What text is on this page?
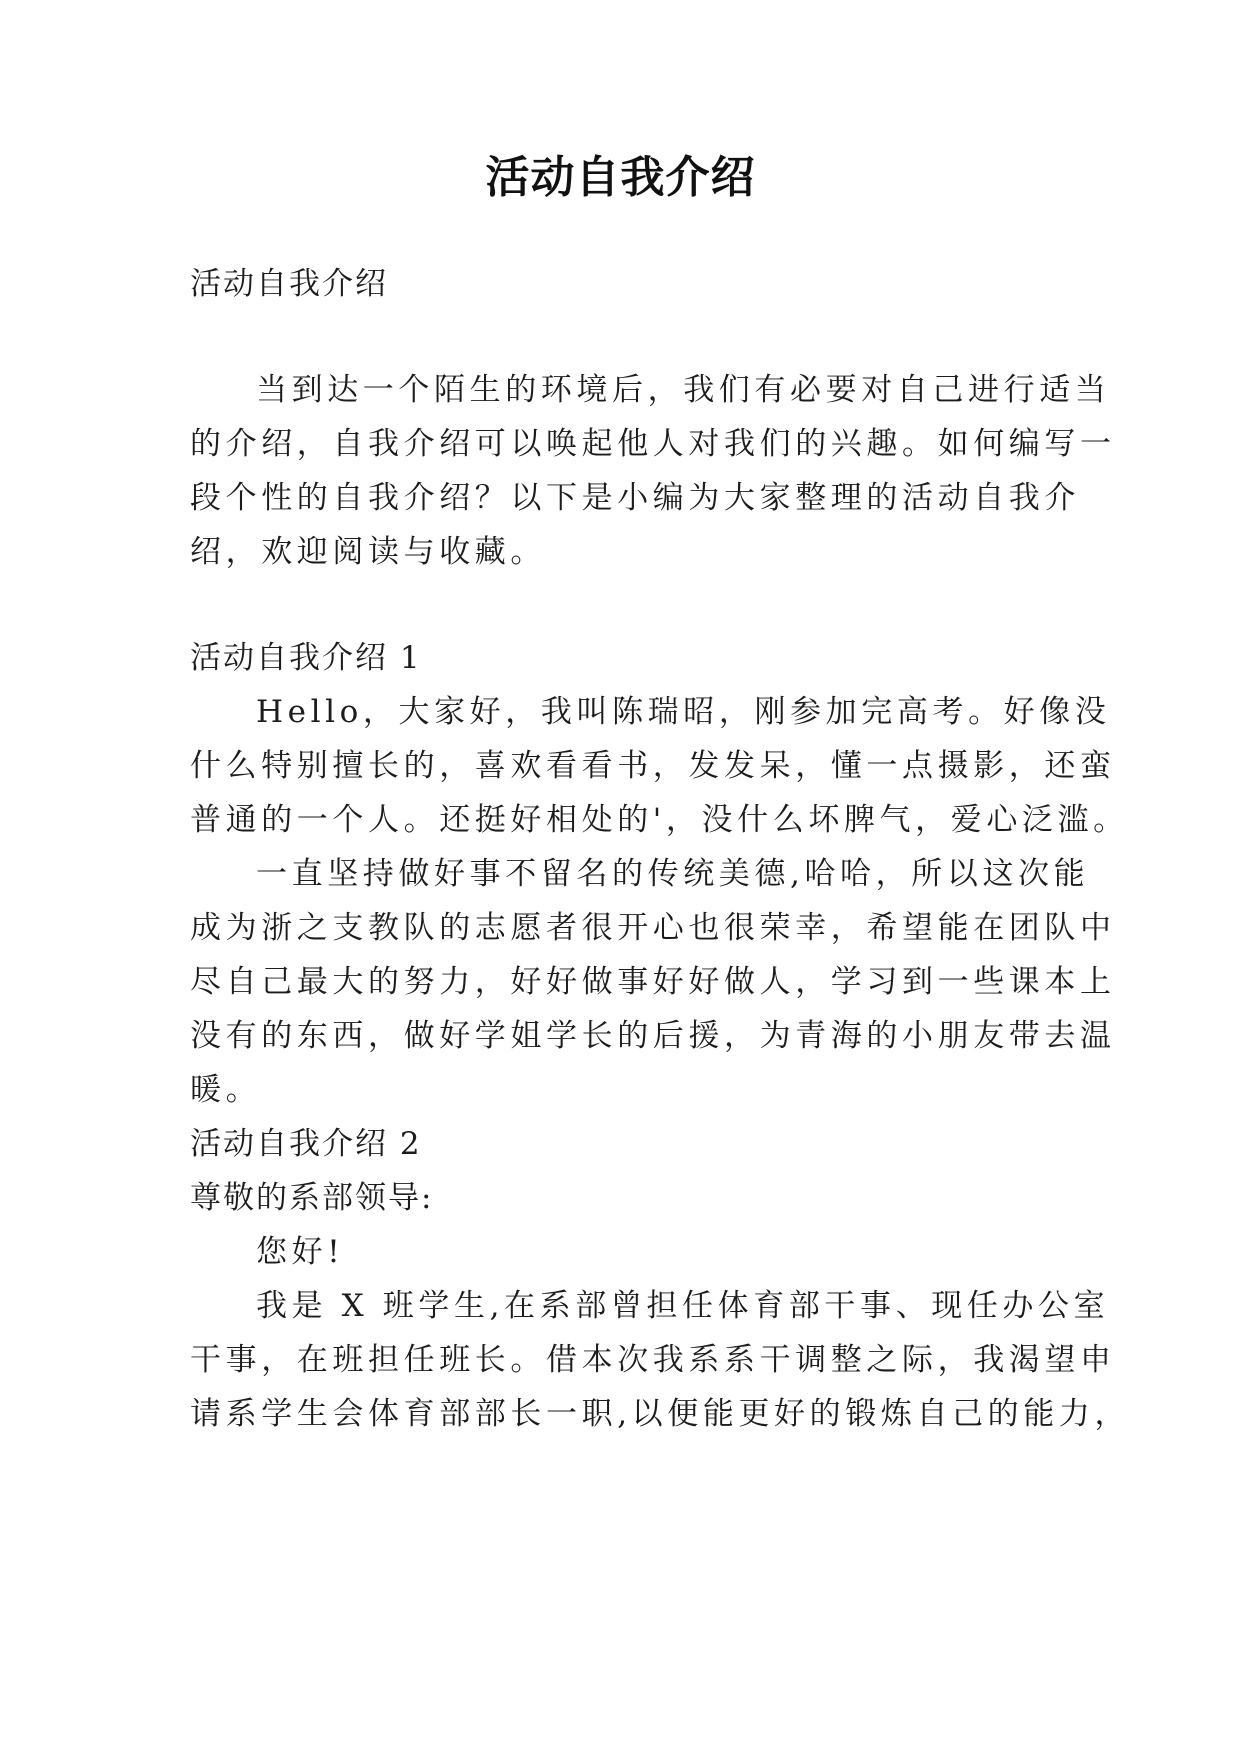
活动自我介绍
活动自我介绍
当到达一个陌生的环境后，我们有必要对自己进行适当
的介绍，自我介绍可以唤起他人对我们的兴趣。如何编写一
段个性的自我介绍？以下是小编为大家整理的活动自我介
绍，欢迎阅读与收藏。
活动自我介绍 1
Hello，大家好，我叫陈瑞昭，刚参加完高考。好像没
什么特别擅长的，喜欢看看书，发发呆，懂一点摄影，还蛮
普通的一个人。还挺好相处的'，没什么坏脾气，爱心泛滥。
一直坚持做好事不留名的传统美德,哈哈，所以这次能
成为浙之支教队的志愿者很开心也很荣幸，希望能在团队中
尽自己最大的努力，好好做事好好做人，学习到一些课本上
没有的东西，做好学姐学长的后援，为青海的小朋友带去温
暖。
活动自我介绍 2
尊敬的系部领导:
您好!
我是 X 班学生,在系部曾担任体育部干事、现任办公室
干事，在班担任班长。借本次我系系干调整之际，我渴望申
请系学生会体育部部长一职,以便能更好的锻炼自己的能力，
